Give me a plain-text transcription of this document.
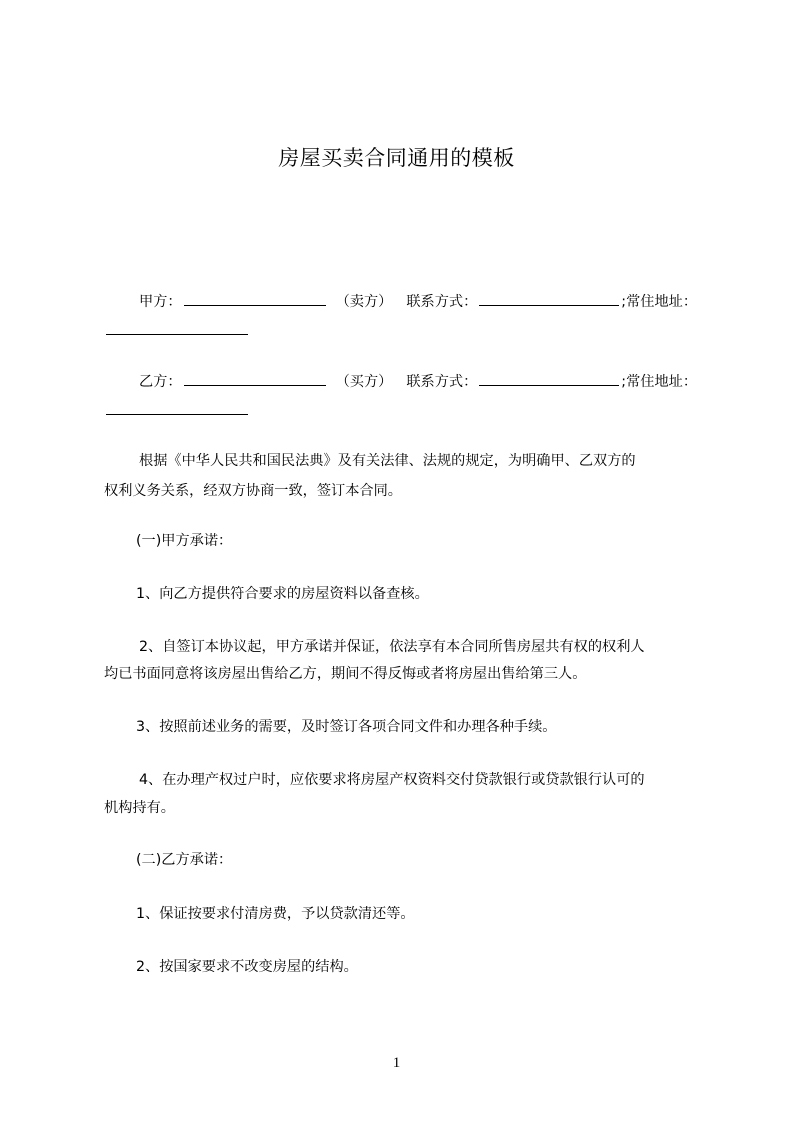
房屋买卖合同通用的模板
甲方：	（卖方） 联系方式：	;常住地址：
乙方：	（买方） 联系方式：	;常住地址：
根据《中华人民共和国民法典》及有关法律、法规的规定，为明确甲、乙双方的
权利义务关系，经双方协商一致，签订本合同。
(一)甲方承诺：
1、向乙方提供符合要求的房屋资料以备查核。
2、自签订本协议起，甲方承诺并保证，依法享有本合同所售房屋共有权的权利人
均已书面同意将该房屋出售给乙方，期间不得反悔或者将房屋出售给第三人。
3、按照前述业务的需要，及时签订各项合同文件和办理各种手续。
4、在办理产权过户时，应依要求将房屋产权资料交付贷款银行或贷款银行认可的
机构持有。
(二)乙方承诺：
1、保证按要求付清房费，予以贷款清还等。
2、按国家要求不改变房屋的结构。
1
